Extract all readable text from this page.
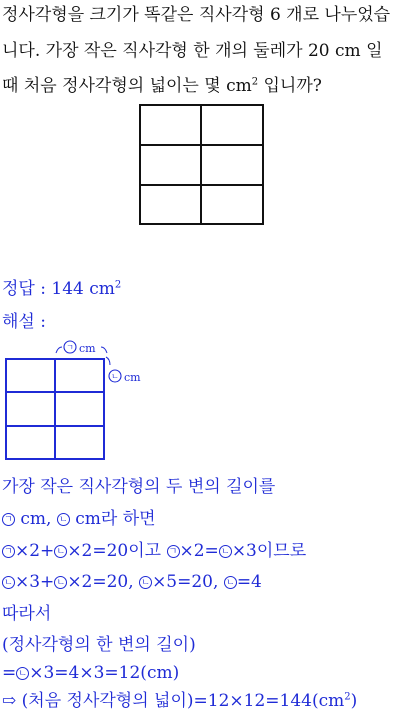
정사각형을 크기가 똑같은 직사각형 6 개로 나누었습
니다. 가장 작은 직사각형 한 개의 둘레가 20 cm 일
때 처음 정사각형의 넓이는 몇 $cm^2$ 입니까?
정답 : 144 $cm^2$
해설 :
ㄱ cm
ㄴ cm
가장 작은 직사각형의 두 변의 길이를
ㄱ cm, ㄴ cm라 하면
ㄱ ×2+ ㄴ ×2=20이고 ㄱ ×2= ㄴ ×3이므로
ㄴ ×3+ ㄴ ×2=20, ㄴ ×5=20, ㄴ =4
따라서
(정사각형의 한 변의 길이)
= ㄴ ×3=4×3=12(cm)
⇨ (처음 정사각형의 넓이)$=12\times 12=144(cm^2)$
